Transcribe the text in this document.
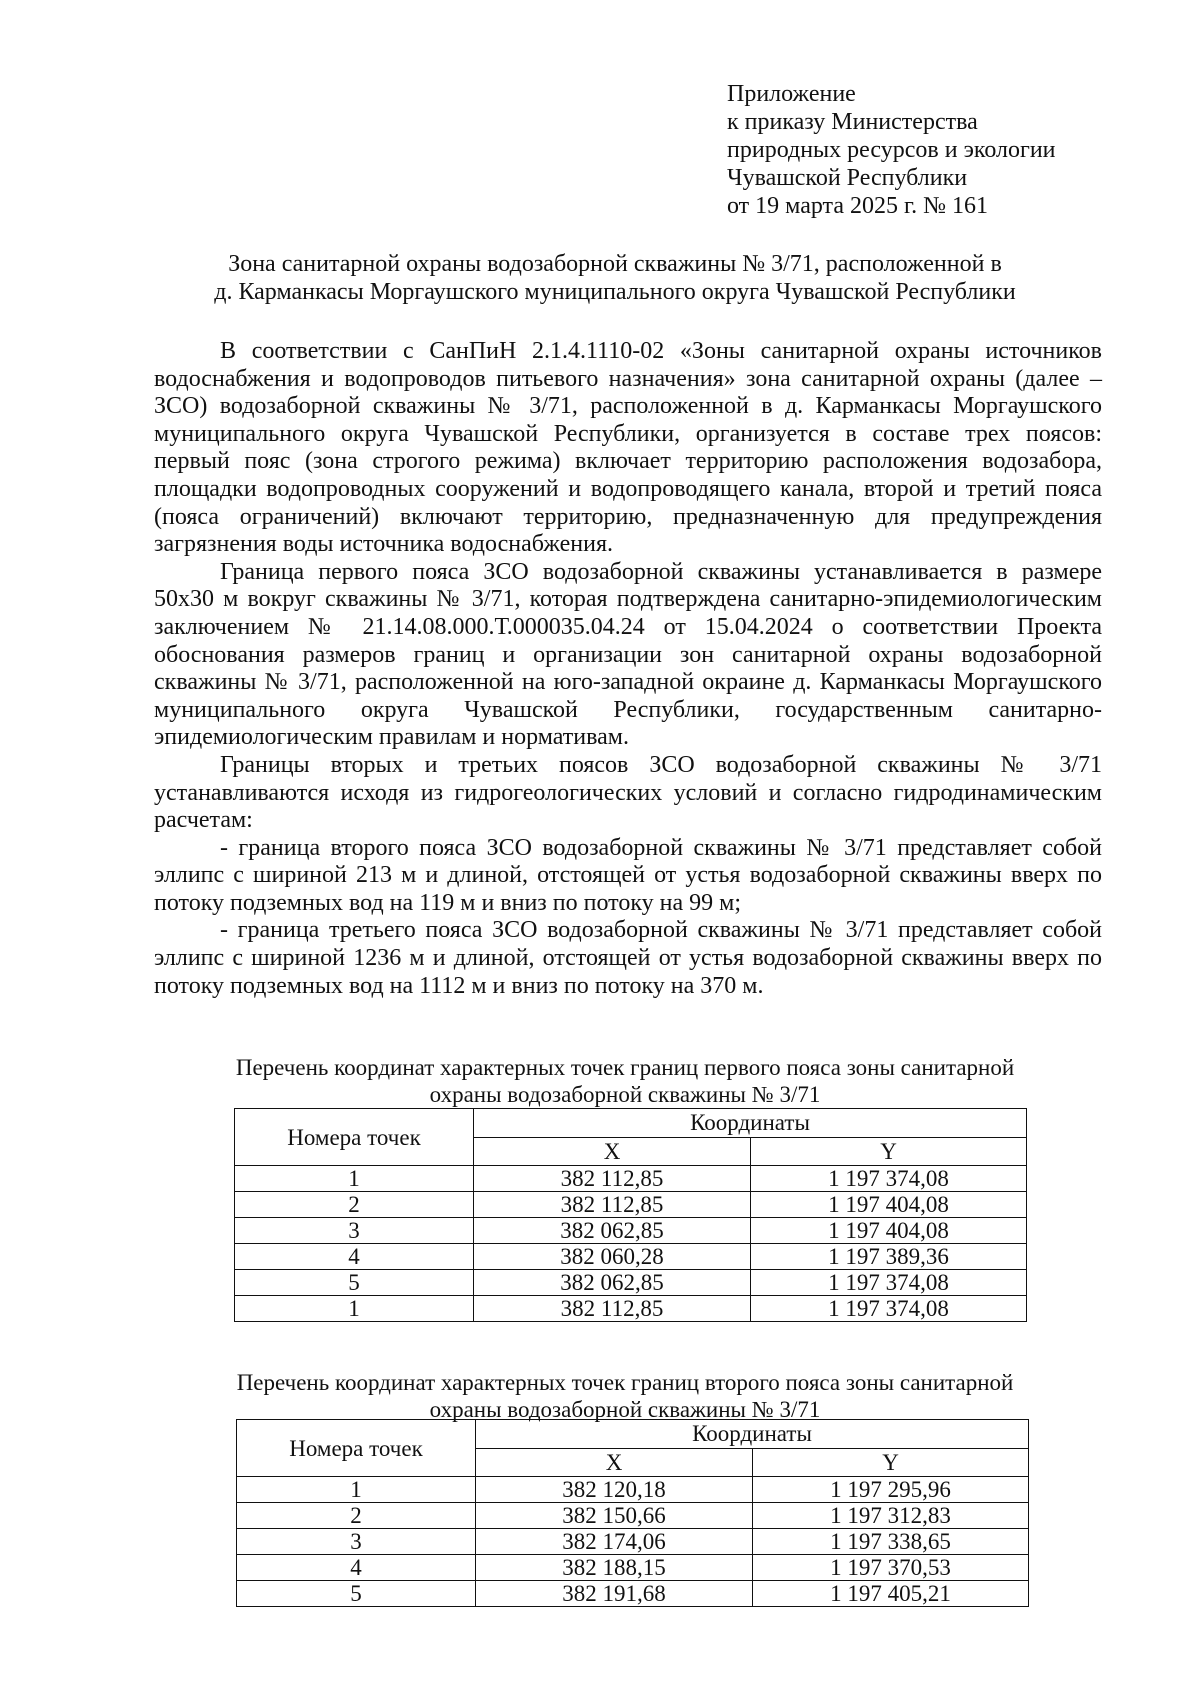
Приложение
к приказу Министерства
природных ресурсов и экологии
Чувашской Республики
от 19 марта 2025 г. № 161
Зона санитарной охраны водозаборной скважины № 3/71, расположенной в
д. Карманкасы Моргаушского муниципального округа Чувашской Республики

В соответствии с СанПиН 2.1.4.1110-02 «Зоны санитарной охраны источников водоснабжения и водопроводов питьевого назначения» зона санитарной охраны (далее – ЗСО) водозаборной скважины № 3/71, расположенной в д. Карманкасы Моргаушского муниципального округа Чувашской Республики, организуется в составе трех поясов: первый пояс (зона строгого режима) включает территорию расположения водозабора, площадки водопроводных сооружений и водопроводящего канала, второй и третий пояса (пояса ограничений) включают территорию, предназначенную для предупреждения загрязнения воды источника водоснабжения.

Граница первого пояса ЗСО водозаборной скважины устанавливается в размере 50х30 м вокруг скважины № 3/71, которая подтверждена санитарно-эпидемиологическим заключением № 21.14.08.000.Т.000035.04.24 от 15.04.2024 о соответствии Проекта обоснования размеров границ и организации зон санитарной охраны водозаборной скважины № 3/71, расположенной на юго-западной окраине д. Карманкасы Моргаушского муниципального округа Чувашской Республики, государственным санитарно-эпидемиологическим правилам и нормативам.

Границы вторых и третьих поясов ЗСО водозаборной скважины № 3/71 устанавливаются исходя из гидрогеологических условий и согласно гидродинамическим расчетам:

- граница второго пояса ЗСО водозаборной скважины № 3/71 представляет собой эллипс с шириной 213 м и длиной, отстоящей от устья водозаборной скважины вверх по потоку подземных вод на 119 м и вниз по потоку на 99 м;

- граница третьего пояса ЗСО водозаборной скважины № 3/71 представляет собой эллипс с шириной 1236 м и длиной, отстоящей от устья водозаборной скважины вверх по потоку подземных вод на 1112 м и вниз по потоку на 370 м.

Перечень координат характерных точек границ первого пояса зоны санитарной
охраны водозаборной скважины № 3/71
Номера точек	Координаты	
	X	Y
1	382 112,85	1 197 374,08
2	382 112,85	1 197 404,08
3	382 062,85	1 197 404,08
4	382 060,28	1 197 389,36
5	382 062,85	1 197 374,08
1	382 112,85	1 197 374,08
Перечень координат характерных точек границ второго пояса зоны санитарной
охраны водозаборной скважины № 3/71
Номера точек	Координаты	
	X	Y
1	382 120,18	1 197 295,96
2	382 150,66	1 197 312,83
3	382 174,06	1 197 338,65
4	382 188,15	1 197 370,53
5	382 191,68	1 197 405,21
